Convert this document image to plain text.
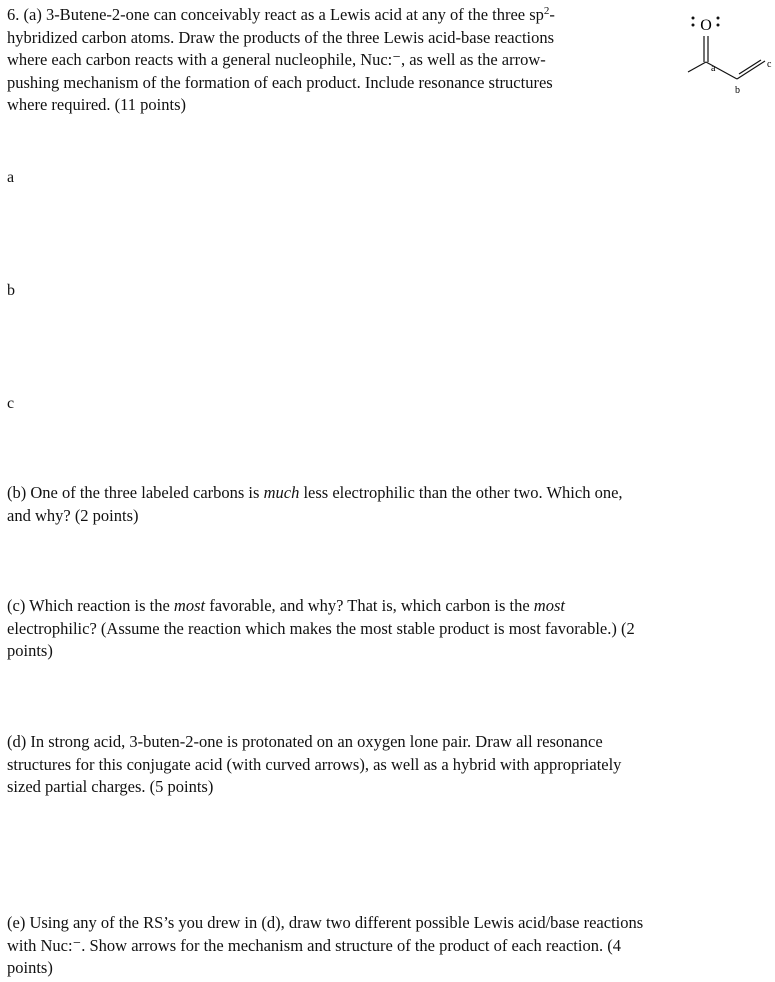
6. (a) 3-Butene-2-one can conceivably react as a Lewis acid at any of the three $sp^2-$
hybridized carbon atoms. Draw the products of the three Lewis acid-base reactions
where each carbon reacts with a general nucleophile, Nuc:⁻, as well as the arrow-
pushing mechanism of the formation of each product. Include resonance structures
where required. (11 points)
O
a
b
c
a
b
c
(b) One of the three labeled carbons is much less electrophilic than the other two. Which one,
and why? (2 points)
(c) Which reaction is the most favorable, and why? That is, which carbon is the most
electrophilic? (Assume the reaction which makes the most stable product is most favorable.) (2
points)
(d) In strong acid, 3-buten-2-one is protonated on an oxygen lone pair. Draw all resonance
structures for this conjugate acid (with curved arrows), as well as a hybrid with appropriately
sized partial charges. (5 points)
(e) Using any of the RS’s you drew in (d), draw two different possible Lewis acid/base reactions
with Nuc:⁻. Show arrows for the mechanism and structure of the product of each reaction. (4
points)
